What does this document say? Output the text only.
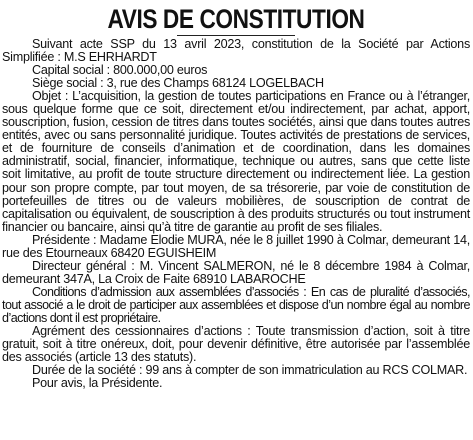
AVIS DE CONSTITUTION

Suivant acte SSP du 13 avril 2023, constitution de la Société par Actions Simplifiée : M.S EHRHARDT

Capital social : 800.000,00 euros

Siège social : 3, rue des Champs 68124 LOGELBACH

Objet : L’acquisition, la gestion de toutes participations en France ou à l’étranger, sous quelque forme que ce soit, directement et/ou indirectement, par achat, apport, souscription, fusion, cession de titres dans toutes sociétés, ainsi que dans toutes autres entités, avec ou sans personnalité juridique. Toutes activités de prestations de services, et de fourniture de conseils d’animation et de coordination, dans les domaines administratif, social, financier, informatique, technique ou autres, sans que cette liste soit limitative, au profit de toute structure directement ou indirectement liée. La gestion pour son propre compte, par tout moyen, de sa trésorerie, par voie de constitution de portefeuilles de titres ou de valeurs mobilières, de souscription de contrat de capitalisation ou équivalent, de souscription à des produits structurés ou tout instrument financier ou bancaire, ainsi qu’à titre de garantie au profit de ses filiales.

Présidente : Madame Elodie MURA, née le 8 juillet 1990 à Colmar, demeurant 14, rue des Etourneaux 68420 EGUISHEIM

Directeur général : M. Vincent SALMERON, né le 8 décembre 1984 à Colmar, demeurant 347A, La Croix de Faite 68910 LABAROCHE

Conditions d’admission aux assemblées d’associés : En cas de pluralité d’associés, tout associé a le droit de participer aux assemblées et dispose d’un nombre égal au nombre d’actions dont il est propriétaire.

Agrément des cessionnaires d’actions : Toute transmission d’action, soit à titre gratuit, soit à titre onéreux, doit, pour devenir définitive, être autorisée par l’assemblée des associés (article 13 des statuts).

Durée de la société : 99 ans à compter de son immatriculation au RCS COLMAR.

Pour avis, la Présidente.
